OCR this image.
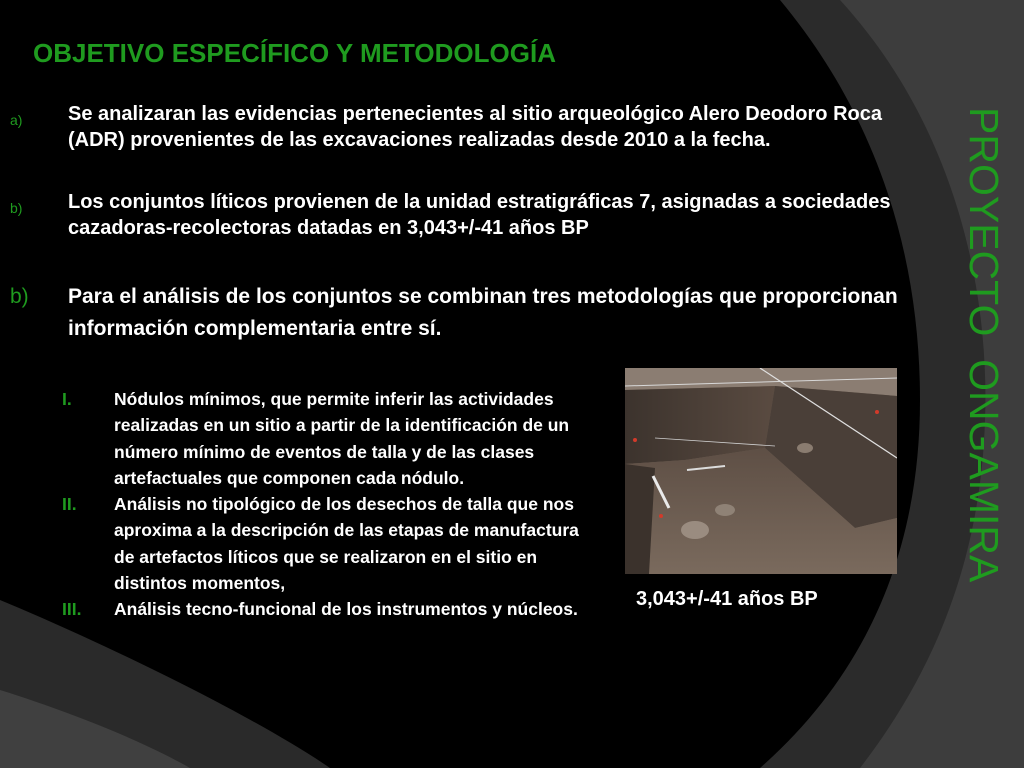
OBJETIVO ESPECÍFICO Y METODOLOGÍA
a) Se analizaran las evidencias pertenecientes al sitio arqueológico Alero Deodoro Roca (ADR) provenientes de las excavaciones realizadas desde 2010 a la fecha.
b) Los conjuntos líticos provienen de la unidad estratigráficas 7, asignadas a sociedades cazadoras-recolectoras datadas en 3,043+/-41 años BP
b) Para el análisis de los conjuntos se combinan tres metodologías que proporcionan información complementaria entre sí.
I. Nódulos mínimos, que permite inferir las actividades realizadas en un sitio a partir de la identificación de un número mínimo de eventos de talla y de las clases artefactuales que componen cada nódulo.
II. Análisis no tipológico de los desechos de talla que nos aproxima a la descripción de las etapas de manufactura de artefactos líticos que se realizaron en el sitio en distintos momentos,
III. Análisis tecno-funcional de los instrumentos y núcleos.	3,043+/-41 años BP
PROYECTO  ONGAMIRA
